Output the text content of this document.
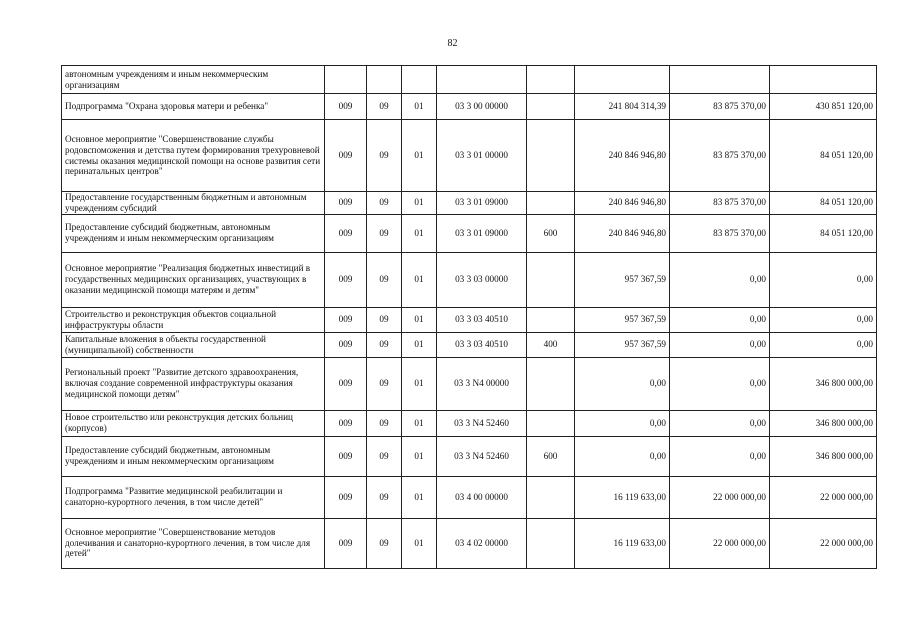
82
автономным учреждениям и иным некоммерческим организациям								
Подпрограмма "Охрана здоровья матери и ребенка"	009	09	01	03 3 00 00000		241 804 314,39	83 875 370,00	430 851 120,00
Основное мероприятие "Совершенствование службы родовспоможения и детства путем формирования трехуровневой системы оказания медицинской помощи на основе развития сети перинатальных центров"	009	09	01	03 3 01 00000		240 846 946,80	83 875 370,00	84 051 120,00
Предоставление государственным бюджетным и автономным учреждениям субсидий	009	09	01	03 3 01 09000		240 846 946,80	83 875 370,00	84 051 120,00
Предоставление субсидий бюджетным, автономным учреждениям и иным некоммерческим организациям	009	09	01	03 3 01 09000	600	240 846 946,80	83 875 370,00	84 051 120,00
Основное мероприятие "Реализация бюджетных инвестиций в государственных медицинских организациях, участвующих в оказании медицинской помощи матерям и детям"	009	09	01	03 3 03 00000		957 367,59	0,00	0,00
Строительство и реконструкция объектов социальной инфраструктуры области	009	09	01	03 3 03 40510		957 367,59	0,00	0,00
Капитальные вложения в объекты государственной (муниципальной) собственности	009	09	01	03 3 03 40510	400	957 367,59	0,00	0,00
Региональный проект "Развитие детского здравоохранения, включая создание современной инфраструктуры оказания медицинской помощи детям"	009	09	01	03 3 N4 00000		0,00	0,00	346 800 000,00
Новое строительство или реконструкция детских больниц (корпусов)	009	09	01	03 3 N4 52460		0,00	0,00	346 800 000,00
Предоставление субсидий бюджетным, автономным учреждениям и иным некоммерческим организациям	009	09	01	03 3 N4 52460	600	0,00	0,00	346 800 000,00
Подпрограмма "Развитие медицинской реабилитации и санаторно-курортного лечения, в том числе детей"	009	09	01	03 4 00 00000		16 119 633,00	22 000 000,00	22 000 000,00
Основное мероприятие "Совершенствование методов долечивания и санаторно-курортного лечения, в том числе для детей"	009	09	01	03 4 02 00000		16 119 633,00	22 000 000,00	22 000 000,00
